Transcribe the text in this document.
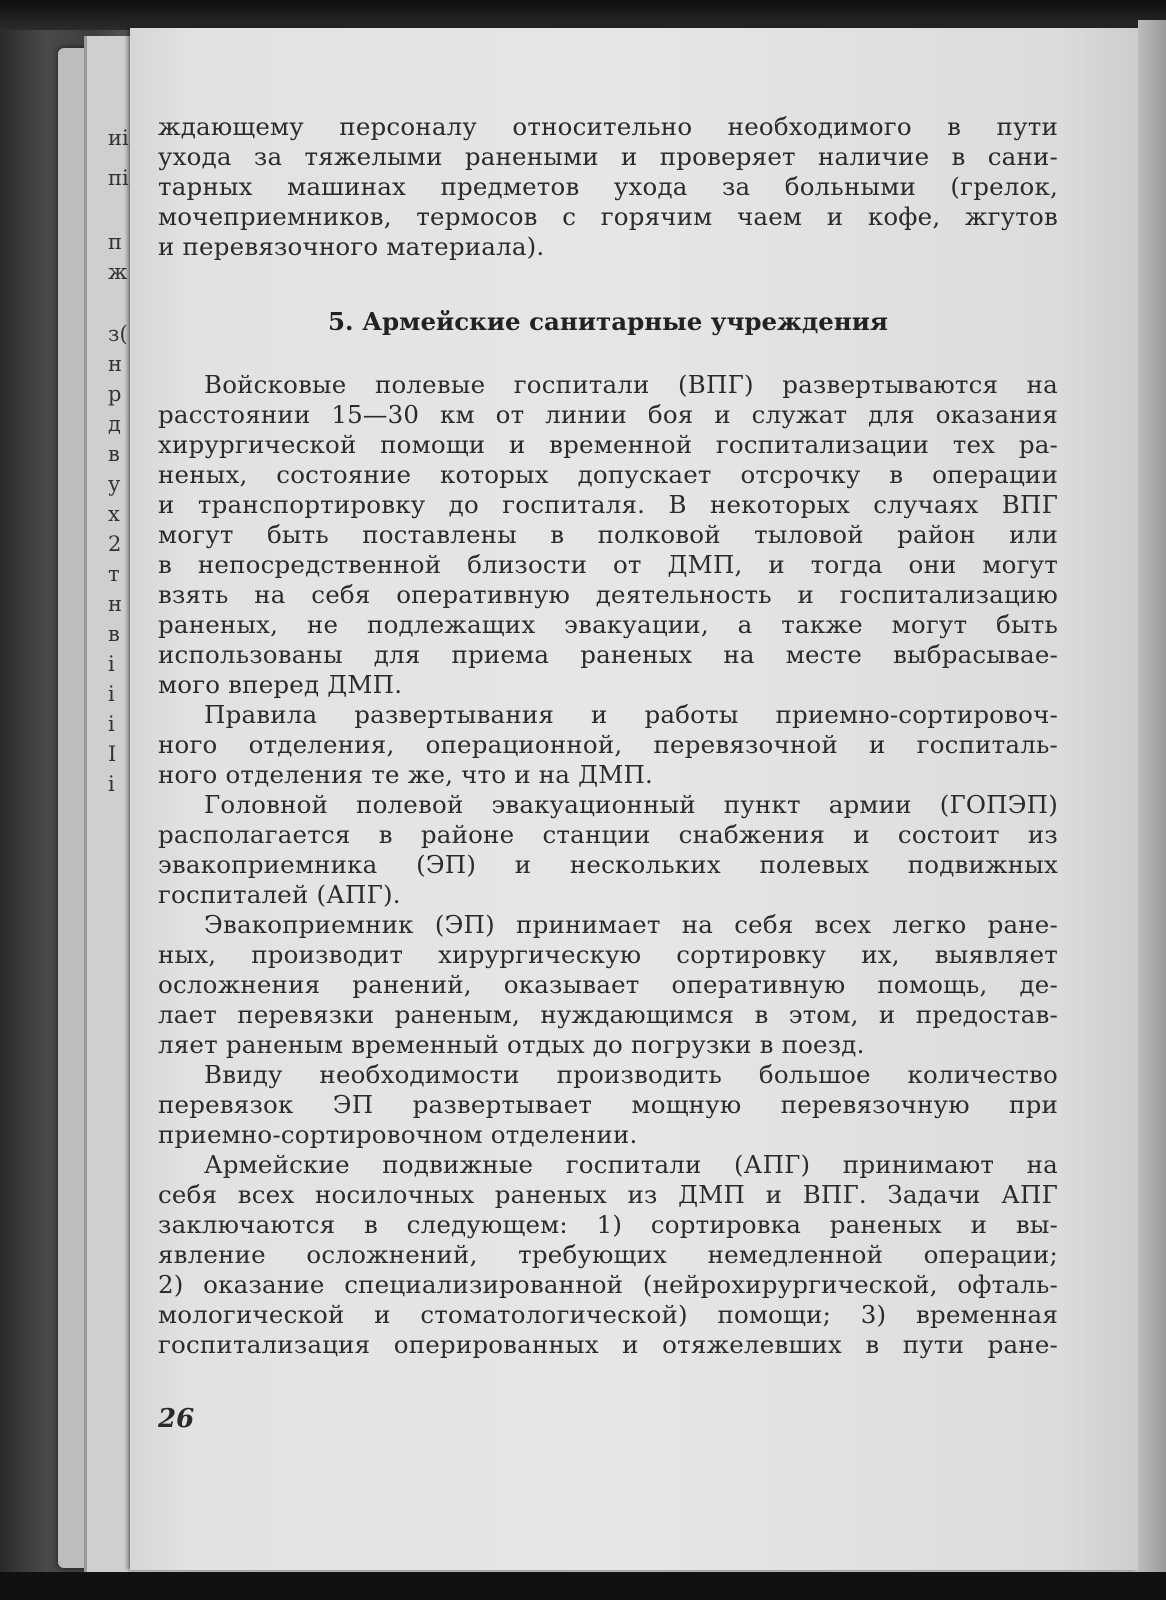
иі
пі
п
ж
з(
н
р
д
в
у
х
2
т
н
в
і
і
і
І
і
ждающему персоналу относительно необходимого в пути
ухода за тяжелыми ранеными и проверяет наличие в сани-
тарных машинах предметов ухода за больными (грелок,
мочеприемников, термосов с горячим чаем и кофе, жгутов
и перевязочного материала).
5. Армейские санитарные учреждения
Войсковые полевые госпитали (ВПГ) развертываются на
расстоянии 15—30 км от линии боя и служат для оказания
хирургической помощи и временной госпитализации тех ра-
неных, состояние которых допускает отсрочку в операции
и транспортировку до госпиталя. В некоторых случаях ВПГ
могут быть поставлены в полковой тыловой район или
в непосредственной близости от ДМП, и тогда они могут
взять на себя оперативную деятельность и госпитализацию
раненых, не подлежащих эвакуации, а также могут быть
использованы для приема раненых на месте выбрасывае-
мого вперед ДМП.
Правила развертывания и работы приемно-сортировоч-
ного отделения, операционной, перевязочной и госпиталь-
ного отделения те же, что и на ДМП.
Головной полевой эвакуационный пункт армии (ГОПЭП)
располагается в районе станции снабжения и состоит из
эвакоприемника (ЭП) и нескольких полевых подвижных
госпиталей (АПГ).
Эвакоприемник (ЭП) принимает на себя всех легко ране-
ных, производит хирургическую сортировку их, выявляет
осложнения ранений, оказывает оперативную помощь, де-
лает перевязки раненым, нуждающимся в этом, и предостав-
ляет раненым временный отдых до погрузки в поезд.
Ввиду необходимости производить большое количество
перевязок ЭП развертывает мощную перевязочную при
приемно-сортировочном отделении.
Армейские подвижные госпитали (АПГ) принимают на
себя всех носилочных раненых из ДМП и ВПГ. Задачи АПГ
заключаются в следующем: 1) сортировка раненых и вы-
явление осложнений, требующих немедленной операции;
2) оказание специализированной (нейрохирургической, офталь-
мологической и стоматологической) помощи; 3) временная
госпитализация оперированных и отяжелевших в пути ране-
26
